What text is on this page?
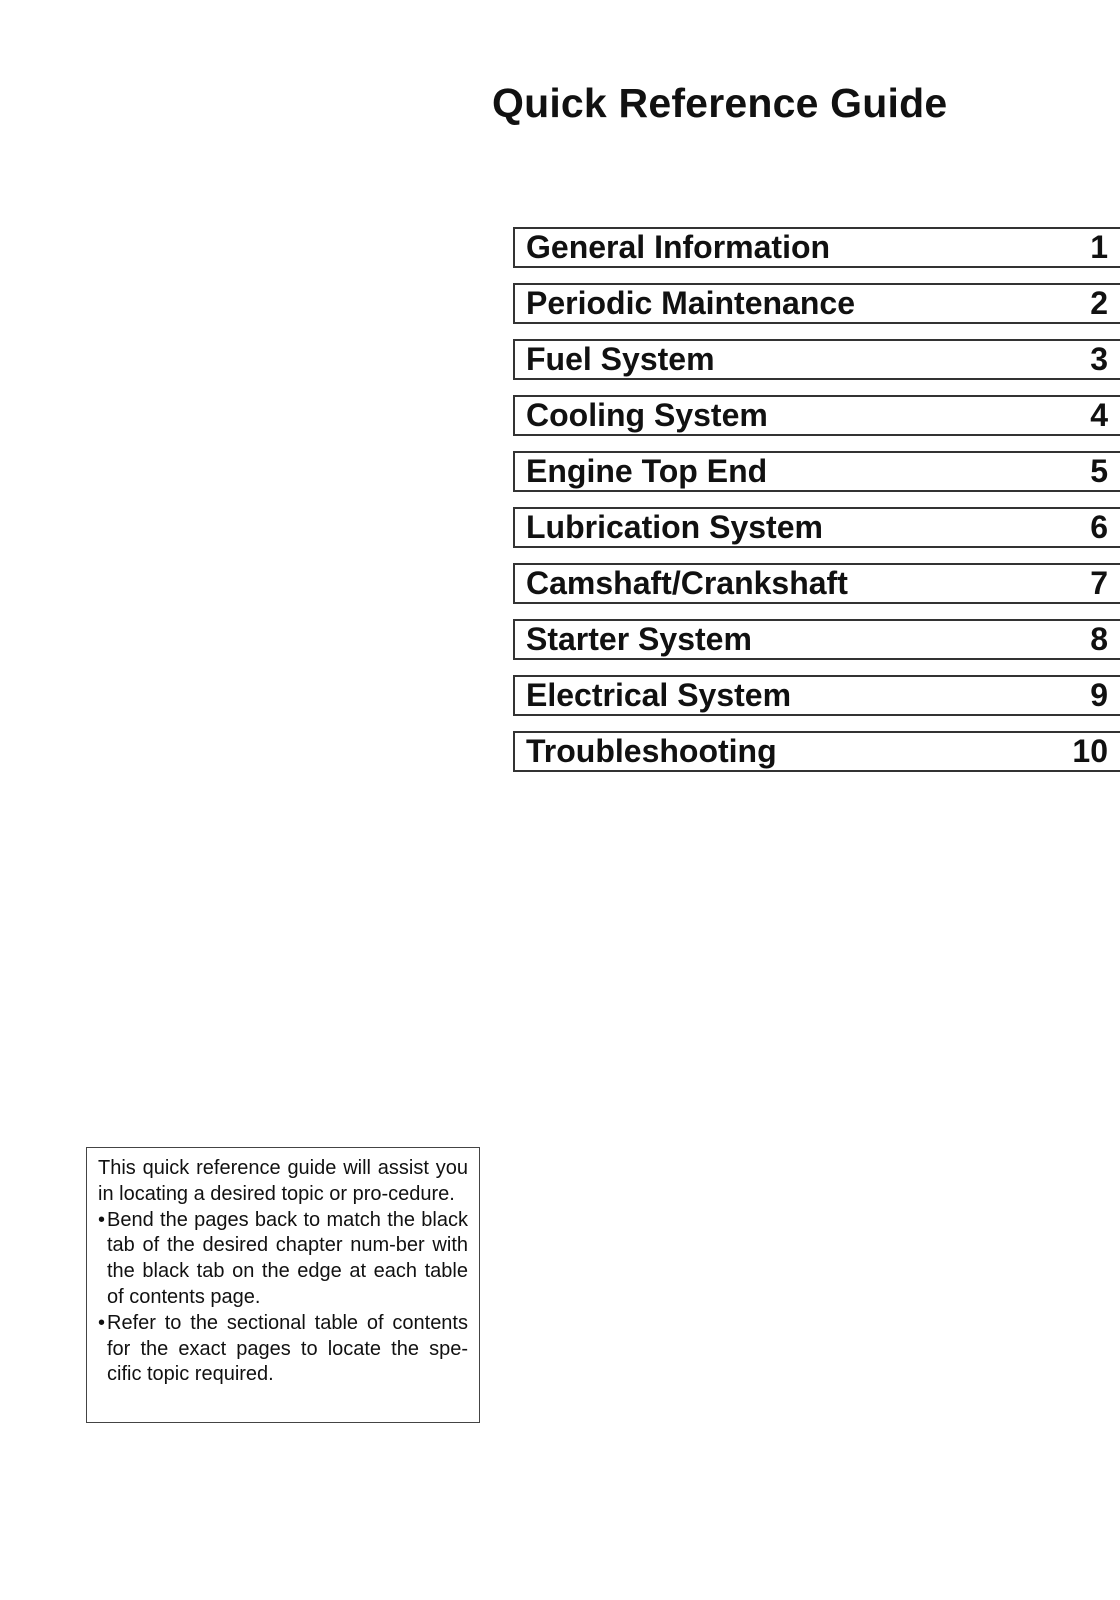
Quick Reference Guide
General Information	1
Periodic Maintenance	2
Fuel System	3
Cooling System	4
Engine Top End	5
Lubrication System	6
Camshaft/Crankshaft	7
Starter System	8
Electrical System	9
Troubleshooting	10

This quick reference guide will assist you in locating a desired topic or pro-cedure.

• Bend the pages back to match the black tab of the desired chapter num-ber with the black tab on the edge at each table of contents page.

• Refer to the sectional table of contents for the exact pages to locate the spe-cific topic required.
